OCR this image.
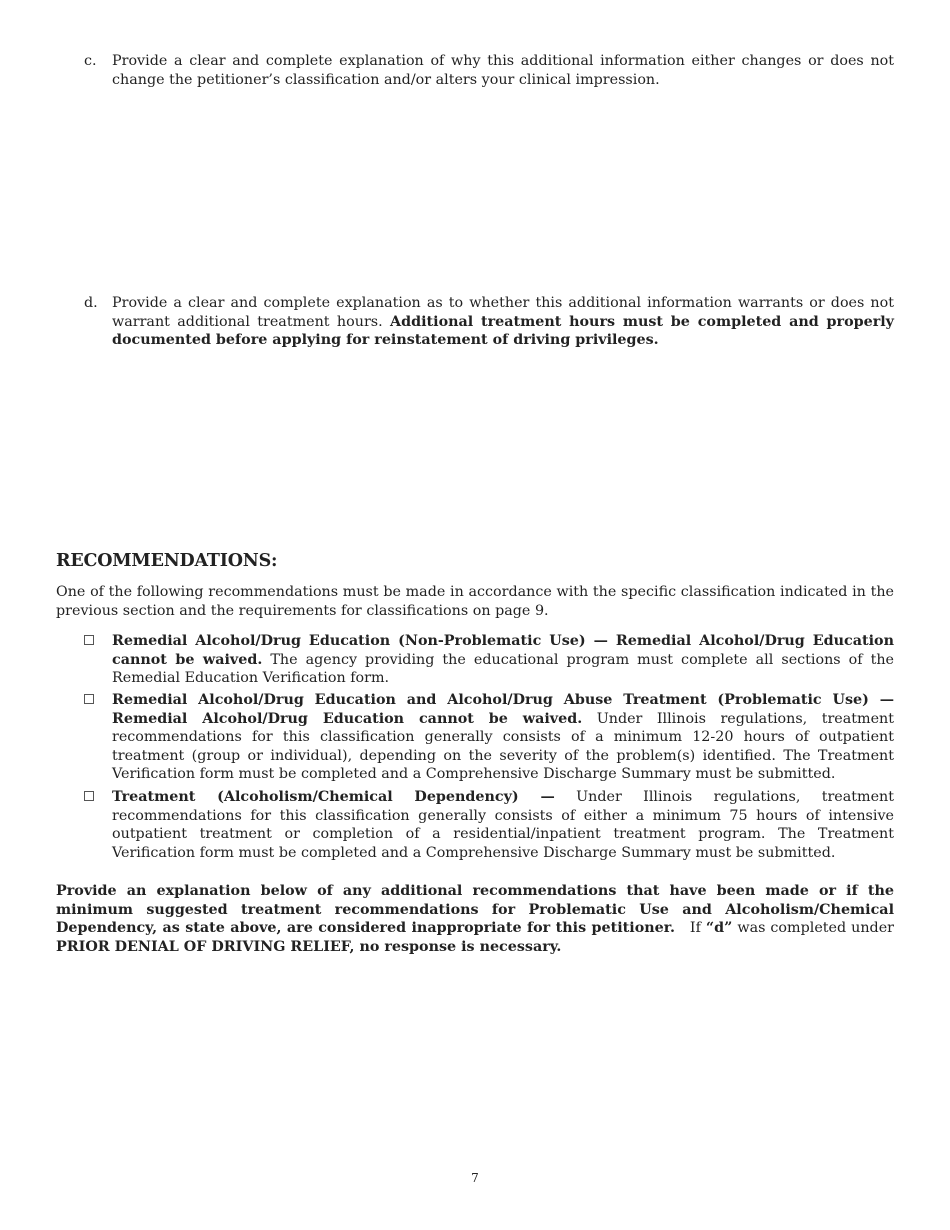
c.	Provide a clear and complete explanation of why this additional information either changes or does not change the petitioner’s classification and/or alters your clinical impression.
d. Provide a clear and complete explanation as to whether this additional information warrants or does not warrant additional treatment hours. Additional treatment hours must be completed and properly documented before applying for reinstatement of driving privileges.
RECOMMENDATIONS:
One of the following recommendations must be made in accordance with the specific classification indicated in the previous section and the requirements for classifications on page 9.
Remedial Alcohol/Drug Education (Non-Problematic Use) — Remedial Alcohol/Drug Education cannot be waived. The agency providing the educational program must complete all sections of the Remedial Education Verification form.
Remedial Alcohol/Drug Education and Alcohol/Drug Abuse Treatment (Problematic Use) — Remedial Alcohol/Drug Education cannot be waived. Under Illinois regulations, treatment recommendations for this classification generally consists of a minimum 12-20 hours of outpatient treatment (group or individual), depending on the severity of the problem(s) identified. The Treatment Verification form must be completed and a Comprehensive Discharge Summary must be submitted.
Treatment (Alcoholism/Chemical Dependency) — Under Illinois regulations, treatment recommendations for this classification generally consists of either a minimum 75 hours of intensive outpatient treatment or completion of a residential/inpatient treatment program. The Treatment Verification form must be completed and a Comprehensive Discharge Summary must be submitted.
Provide an explanation below of any additional recommendations that have been made or if the minimum suggested treatment recommendations for Problematic Use and Alcoholism/Chemical Dependency, as state above, are considered inappropriate for this petitioner. If “d” was completed under PRIOR DENIAL OF DRIVING RELIEF, no response is necessary.
7
